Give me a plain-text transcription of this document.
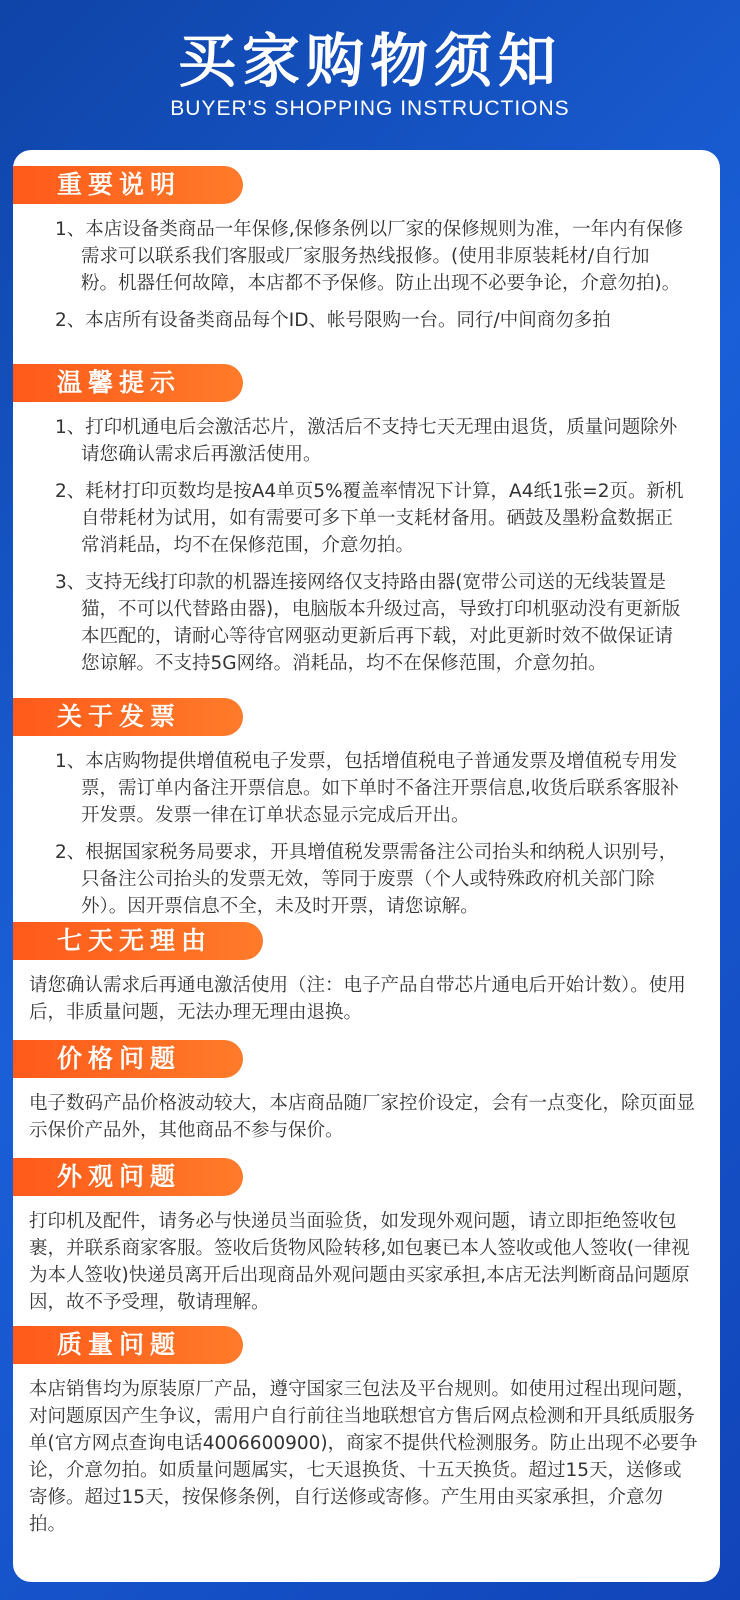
买家购物须知
BUYER'S SHOPPING INSTRUCTIONS
重要说明

1、本店设备类商品一年保修,保修条例以厂家的保修规则为准，一年内有保修需求可以联系我们客服或厂家服务热线报修。(使用非原装耗材/自行加粉。机器任何故障，本店都不予保修。防止出现不必要争论，介意勿拍)。

2、本店所有设备类商品每个ID、帐号限购一台。同行/中间商勿多拍

温馨提示

1、打印机通电后会激活芯片，激活后不支持七天无理由退货，质量问题除外请您确认需求后再激活使用。

2、耗材打印页数均是按A4单页5%覆盖率情况下计算，A4纸1张=2页。新机自带耗材为试用，如有需要可多下单一支耗材备用。硒鼓及墨粉盒数据正常消耗品，均不在保修范围，介意勿拍。

3、支持无线打印款的机器连接网络仅支持路由器(宽带公司送的无线装置是猫，不可以代替路由器)，电脑版本升级过高，导致打印机驱动没有更新版本匹配的，请耐心等待官网驱动更新后再下载，对此更新时效不做保证请您谅解。不支持5G网络。消耗品，均不在保修范围，介意勿拍。

关于发票

1、本店购物提供增值税电子发票，包括增值税电子普通发票及增值税专用发票，需订单内备注开票信息。如下单时不备注开票信息,收货后联系客服补开发票。发票一律在订单状态显示完成后开出。

2、根据国家税务局要求，开具增值税发票需备注公司抬头和纳税人识别号，只备注公司抬头的发票无效，等同于废票（个人或特殊政府机关部门除外）。因开票信息不全，未及时开票，请您谅解。

七天无理由

请您确认需求后再通电激活使用（注：电子产品自带芯片通电后开始计数）。使用后，非质量问题，无法办理无理由退换。

价格问题

电子数码产品价格波动较大，本店商品随厂家控价设定，会有一点变化，除页面显示保价产品外，其他商品不参与保价。

外观问题

打印机及配件，请务必与快递员当面验货，如发现外观问题，请立即拒绝签收包裹，并联系商家客服。签收后货物风险转移,如包裹已本人签收或他人签收(一律视为本人签收)快递员离开后出现商品外观问题由买家承担,本店无法判断商品问题原因，故不予受理，敬请理解。

质量问题

本店销售均为原装原厂产品，遵守国家三包法及平台规则。如使用过程出现问题，对问题原因产生争议，需用户自行前往当地联想官方售后网点检测和开具纸质服务单(官方网点查询电话4006600900)，商家不提供代检测服务。防止出现不必要争论，介意勿拍。如质量问题属实，七天退换货、十五天换货。超过15天，送修或寄修。超过15天，按保修条例，自行送修或寄修。产生用由买家承担，介意勿拍。
